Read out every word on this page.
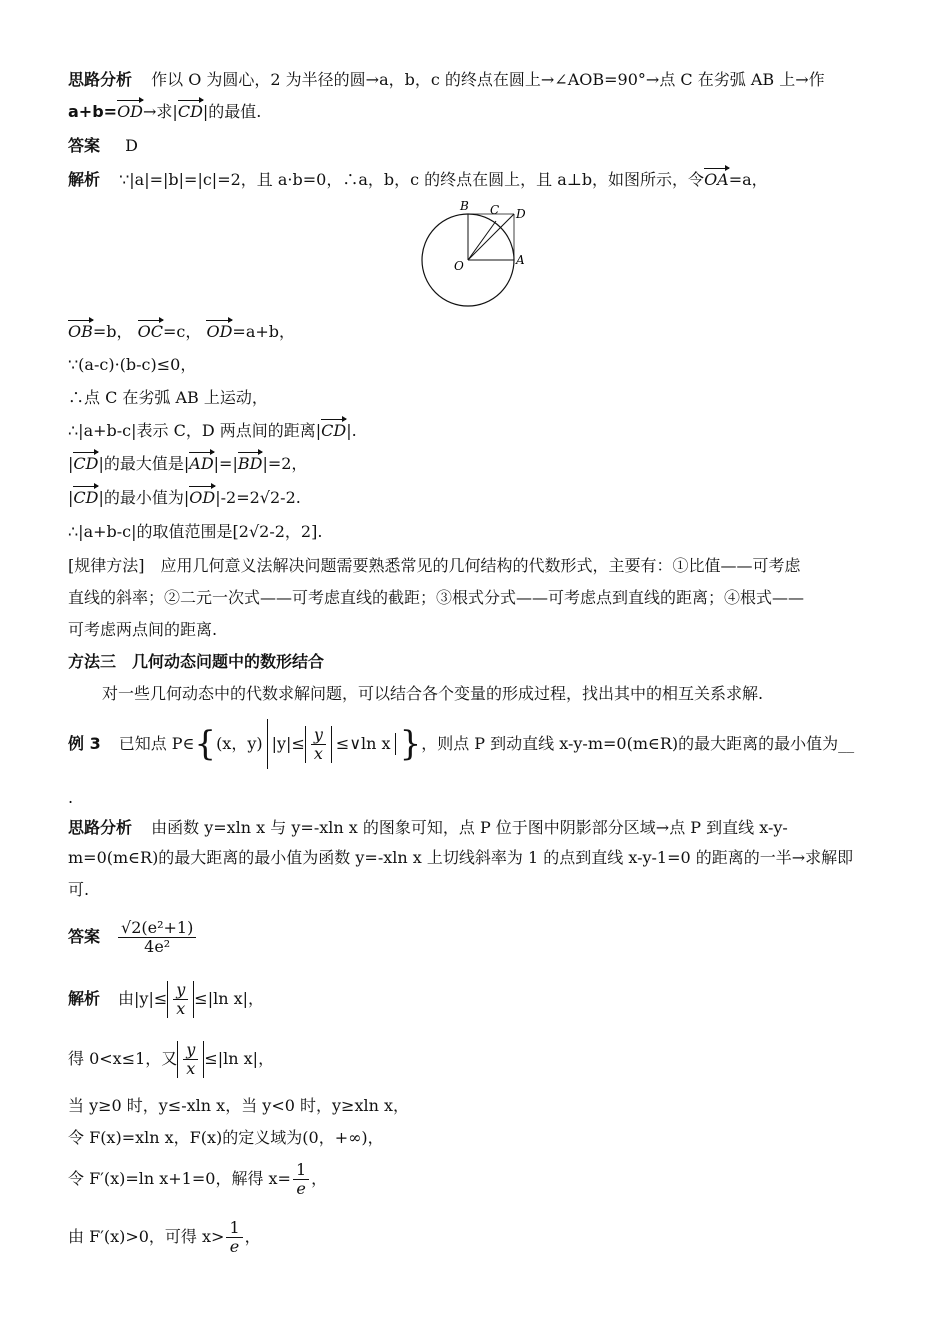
思路分析 作以 O 为圆心，2 为半径的圆→a，b，c 的终点在圆上→∠AOB=90°→点 C 在劣弧 AB 上→作
a+b=OD→求|CD|的最值.
答案 D
解析 ∵|a|=|b|=|c|=2，且 a·b=0，∴a，b，c 的终点在圆上，且 a⊥b，如图所示，令OA=a，
OB=b， OC=c， OD=a+b，
∵(a-c)·(b-c)≤0，
∴点 C 在劣弧 AB 上运动，
∴|a+b-c|表示 C，D 两点间的距离|CD|.
|CD|的最大值是|AD|=|BD|=2，
|CD|的最小值为|OD|-2=2√2-2.
∴|a+b-c|的取值范围是[2√2-2，2].
[规律方法]　应用几何意义法解决问题需要熟悉常见的几何结构的代数形式，主要有：①比值——可考虑
直线的斜率；②二元一次式——可考虑直线的截距；③根式分式——可考虑点到直线的距离；④根式——
可考虑两点间的距离.
方法三　几何动态问题中的数形结合
对一些几何动态中的代数求解问题，可以结合各个变量的形成过程，找出其中的相互关系求解.
例 3 已知点 P∈ { (x，y) $|y|\le \frac{y}{x}$ ≤∨ln x } ，则点 P 到动直线 x-y-m=0(m∈R)的最大距离的最小值为__
.
思路分析 由函数 y=xln x 与 y=-xln x 的图象可知，点 P 位于图中阴影部分区域→点 P 到直线 x-y-
m=0(m∈R)的最大距离的最小值为函数 y=-xln x 上切线斜率为 1 的点到直线 x-y-1=0 的距离的一半→求解即
可.
答案 $\frac{\text{√2(e²+1)}}{\text{4e²}}$
解析 由$|y|\le \frac{y}{x} \le|\ln$ x|，
得 0<x≤1，又 $\frac{y}{x} \le|\ln$ x|，
当 y≥0 时，y≤-xln x，当 y<0 时，y≥xln x，
令 F(x)=xln x，F(x)的定义域为(0，+∞)，
令 F′(x)=ln x+1=0，解得 $x= \frac{1}{e}$ ，
由 F′(x)>0，可得 $x> \frac{1}{e}$ ，
B C D
O	A
